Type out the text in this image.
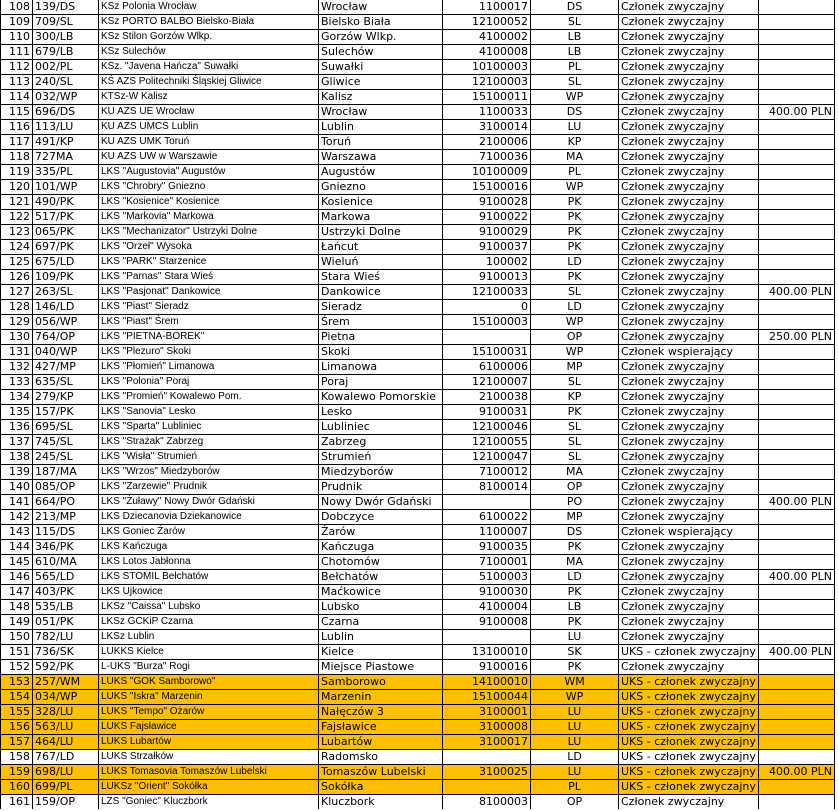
108	139/DS	KSz Polonia Wrocław	Wrocław	1100017	DS	Członek zwyczajny	
109	709/SL	KSz PORTO BALBO Bielsko-Biała	Bielsko Biała	12100052	SL	Członek zwyczajny	
110	300/LB	KSz Stilon Gorzów Wlkp.	Gorzów Wlkp.	4100002	LB	Członek zwyczajny	
111	679/LB	KSz Sulechów	Sulechów	4100008	LB	Członek zwyczajny	
112	002/PL	KSz. "Javena Hańcza" Suwałki	Suwałki	10100003	PL	Członek zwyczajny	
113	240/SL	KŚ AZS Politechniki Śląskiej Gliwice	Gliwice	12100003	SL	Członek zwyczajny	
114	032/WP	KTSz-W Kalisz	Kalisz	15100011	WP	Członek zwyczajny	
115	696/DS	KU AZS UE Wrocław	Wrocław	1100033	DS	Członek zwyczajny	400.00 PLN
116	113/LU	KU AZS UMCS Lublin	Lublin	3100014	LU	Członek zwyczajny	
117	491/KP	KU AZS UMK Toruń	Toruń	2100006	KP	Członek zwyczajny	
118	727MA	KU AZS UW w Warszawie	Warszawa	7100036	MA	Członek zwyczajny	
119	335/PL	LKS "Augustovia" Augustów	Augustów	10100009	PL	Członek zwyczajny	
120	101/WP	LKS "Chrobry" Gniezno	Gniezno	15100016	WP	Członek zwyczajny	
121	490/PK	LKS "Kosienice" Kosienice	Kosienice	9100028	PK	Członek zwyczajny	
122	517/PK	LKS "Markovia" Markowa	Markowa	9100022	PK	Członek zwyczajny	
123	065/PK	LKS "Mechanizator" Ustrzyki Dolne	Ustrzyki Dolne	9100029	PK	Członek zwyczajny	
124	697/PK	LKS "Orzeł" Wysoka	Łańcut	9100037	PK	Członek zwyczajny	
125	675/LD	LKS "PARK" Starzenice	Wieluń	100002	LD	Członek zwyczajny	
126	109/PK	LKS "Parnas" Stara Wieś	Stara Wieś	9100013	PK	Członek zwyczajny	
127	263/SL	LKS "Pasjonat" Dankowice	Dankowice	12100033	SL	Członek zwyczajny	400.00 PLN
128	146/LD	LKS "Piast" Sieradz	Sieradz	0	LD	Członek zwyczajny	
129	056/WP	LKS "Piast" Śrem	Śrem	15100003	WP	Członek zwyczajny	
130	764/OP	LKS "PIETNA-BOREK"	Pietna		OP	Członek zwyczajny	250.00 PLN
131	040/WP	LKS "Plezuro" Skoki	Skoki	15100031	WP	Członek wspierający	
132	427/MP	LKS "Płomień" Limanowa	Limanowa	6100006	MP	Członek zwyczajny	
133	635/SL	LKS "Polonia" Poraj	Poraj	12100007	SL	Członek zwyczajny	
134	279/KP	LKS "Promień" Kowalewo Pom.	Kowalewo Pomorskie	2100038	KP	Członek zwyczajny	
135	157/PK	LKS "Sanovia" Lesko	Lesko	9100031	PK	Członek zwyczajny	
136	695/SL	LKS "Sparta" Lubliniec	Lubliniec	12100046	SL	Członek zwyczajny	
137	745/SL	LKS "Strażak" Zabrzeg	Zabrzeg	12100055	SL	Członek zwyczajny	
138	245/SL	LKS "Wisła" Strumień	Strumień	12100047	SL	Członek zwyczajny	
139	187/MA	LKS "Wrzos" Miedzyborów	Miedzyborów	7100012	MA	Członek zwyczajny	
140	085/OP	LKS "Zarzewie" Prudnik	Prudnik	8100014	OP	Członek zwyczajny	
141	664/PO	LKS "Żuławy" Nowy Dwór Gdański	Nowy Dwór Gdański		PO	Członek zwyczajny	400.00 PLN
142	213/MP	LKS Dziecanovia Dziekanowice	Dobczyce	6100022	MP	Członek zwyczajny	
143	115/DS	LKS Goniec Żarów	Żarów	1100007	DS	Członek wspierający	
144	346/PK	LKS Kańczuga	Kańczuga	9100035	PK	Członek zwyczajny	
145	610/MA	LKS Lotos Jabłonna	Chotomów	7100001	MA	Członek zwyczajny	
146	565/LD	LKS STOMIL Bełchatów	Bełchatów	5100003	LD	Członek zwyczajny	400.00 PLN
147	403/PK	LKS Ujkowice	Maćkowice	9100030	PK	Członek zwyczajny	
148	535/LB	LKSz "Caissa" Lubsko	Lubsko	4100004	LB	Członek zwyczajny	
149	051/PK	LKSz GCKiP Czarna	Czarna	9100008	PK	Członek zwyczajny	
150	782/LU	LKSz Lublin	Lublin		LU	Członek zwyczajny	
151	736/SK	LUKKS Kielce	Kielce	13100010	SK	UKS - członek zwyczajny	400.00 PLN
152	592/PK	L-UKS "Burza" Rogi	Miejsce Piastowe	9100016	PK	Członek zwyczajny	
153	257/WM	LUKS "GOK Samborowo"	Samborowo	14100010	WM	UKS - członek zwyczajny	
154	034/WP	LUKS "Iskra" Marzenin	Marzenin	15100044	WP	UKS - członek zwyczajny	
155	328/LU	LUKS "Tempo" Ożarów	Nałęczów 3	3100001	LU	UKS - członek zwyczajny	
156	563/LU	LUKS Fajsławice	Fajsławice	3100008	LU	UKS - członek zwyczajny	
157	464/LU	LUKS Lubartów	Lubartów	3100017	LU	UKS - członek zwyczajny	
158	767/LD	LUKS Strzałków	Radomsko		LD	UKS - członek zwyczajny	
159	698/LU	LUKS Tomasovia Tomaszów Lubelski	Tomaszów Lubelski	3100025	LU	UKS - członek zwyczajny	400.00 PLN
160	699/PL	LUKSz "Orient" Sokółka	Sokółka		PL	UKS - członek zwyczajny	
161	159/OP	LZS "Goniec" Kluczbork	Kluczbork	8100003	OP	Członek zwyczajny	
